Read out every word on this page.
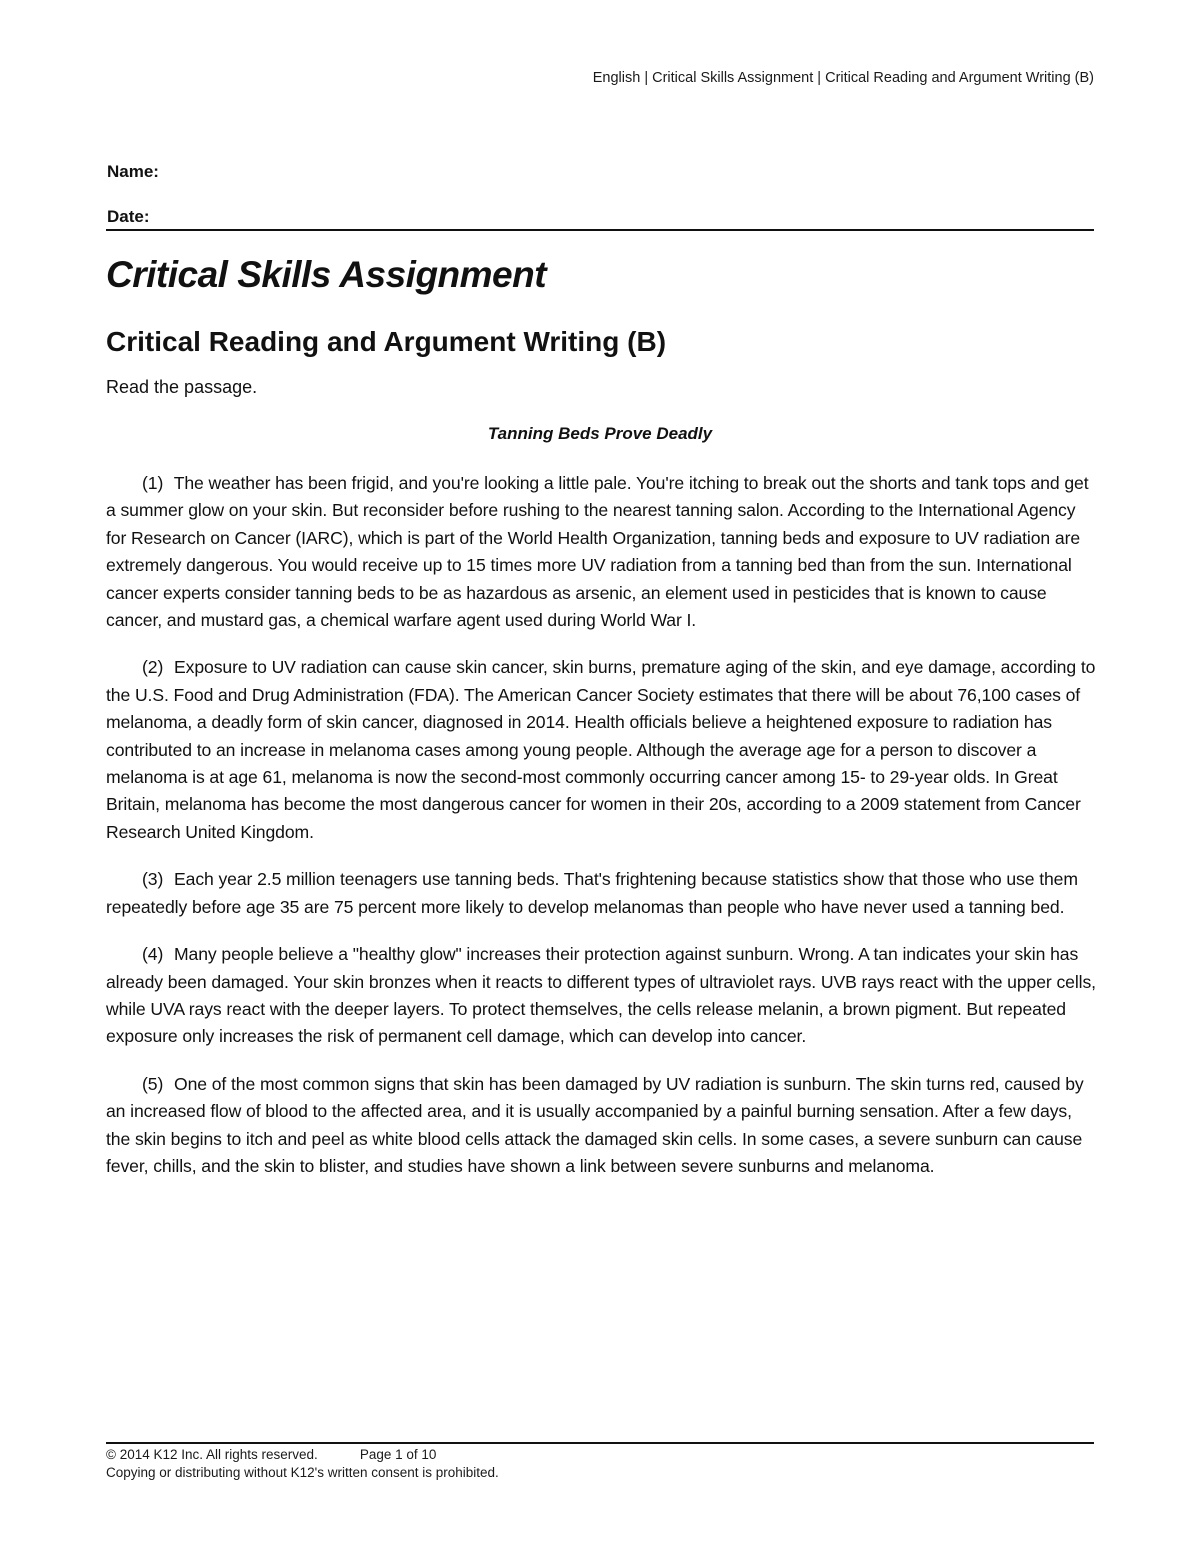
English | Critical Skills Assignment | Critical Reading and Argument Writing (B)
Name:
Date:
Critical Skills Assignment
Critical Reading and Argument Writing (B)
Read the passage.
Tanning Beds Prove Deadly

(1) The weather has been frigid, and you're looking a little pale. You're itching to break out the shorts and tank tops and get a summer glow on your skin. But reconsider before rushing to the nearest tanning salon. According to the International Agency for Research on Cancer (IARC), which is part of the World Health Organization, tanning beds and exposure to UV radiation are extremely dangerous. You would receive up to 15 times more UV radiation from a tanning bed than from the sun. International cancer experts consider tanning beds to be as hazardous as arsenic, an element used in pesticides that is known to cause cancer, and mustard gas, a chemical warfare agent used during World War I.

(2) Exposure to UV radiation can cause skin cancer, skin burns, premature aging of the skin, and eye damage, according to the U.S. Food and Drug Administration (FDA). The American Cancer Society estimates that there will be about 76,100 cases of melanoma, a deadly form of skin cancer, diagnosed in 2014. Health officials believe a heightened exposure to radiation has contributed to an increase in melanoma cases among young people. Although the average age for a person to discover a melanoma is at age 61, melanoma is now the second-most commonly occurring cancer among 15- to 29-year olds. In Great Britain, melanoma has become the most dangerous cancer for women in their 20s, according to a 2009 statement from Cancer Research United Kingdom.

(3) Each year 2.5 million teenagers use tanning beds. That's frightening because statistics show that those who use them repeatedly before age 35 are 75 percent more likely to develop melanomas than people who have never used a tanning bed.

(4) Many people believe a "healthy glow" increases their protection against sunburn. Wrong. A tan indicates your skin has already been damaged. Your skin bronzes when it reacts to different types of ultraviolet rays. UVB rays react with the upper cells, while UVA rays react with the deeper layers. To protect themselves, the cells release melanin, a brown pigment. But repeated exposure only increases the risk of permanent cell damage, which can develop into cancer.

(5) One of the most common signs that skin has been damaged by UV radiation is sunburn. The skin turns red, caused by an increased flow of blood to the affected area, and it is usually accompanied by a painful burning sensation. After a few days, the skin begins to itch and peel as white blood cells attack the damaged skin cells. In some cases, a severe sunburn can cause fever, chills, and the skin to blister, and studies have shown a link between severe sunburns and melanoma.

© 2014 K12 Inc. All rights reserved.	Page 1 of 10
Copying or distributing without K12's written consent is prohibited.
